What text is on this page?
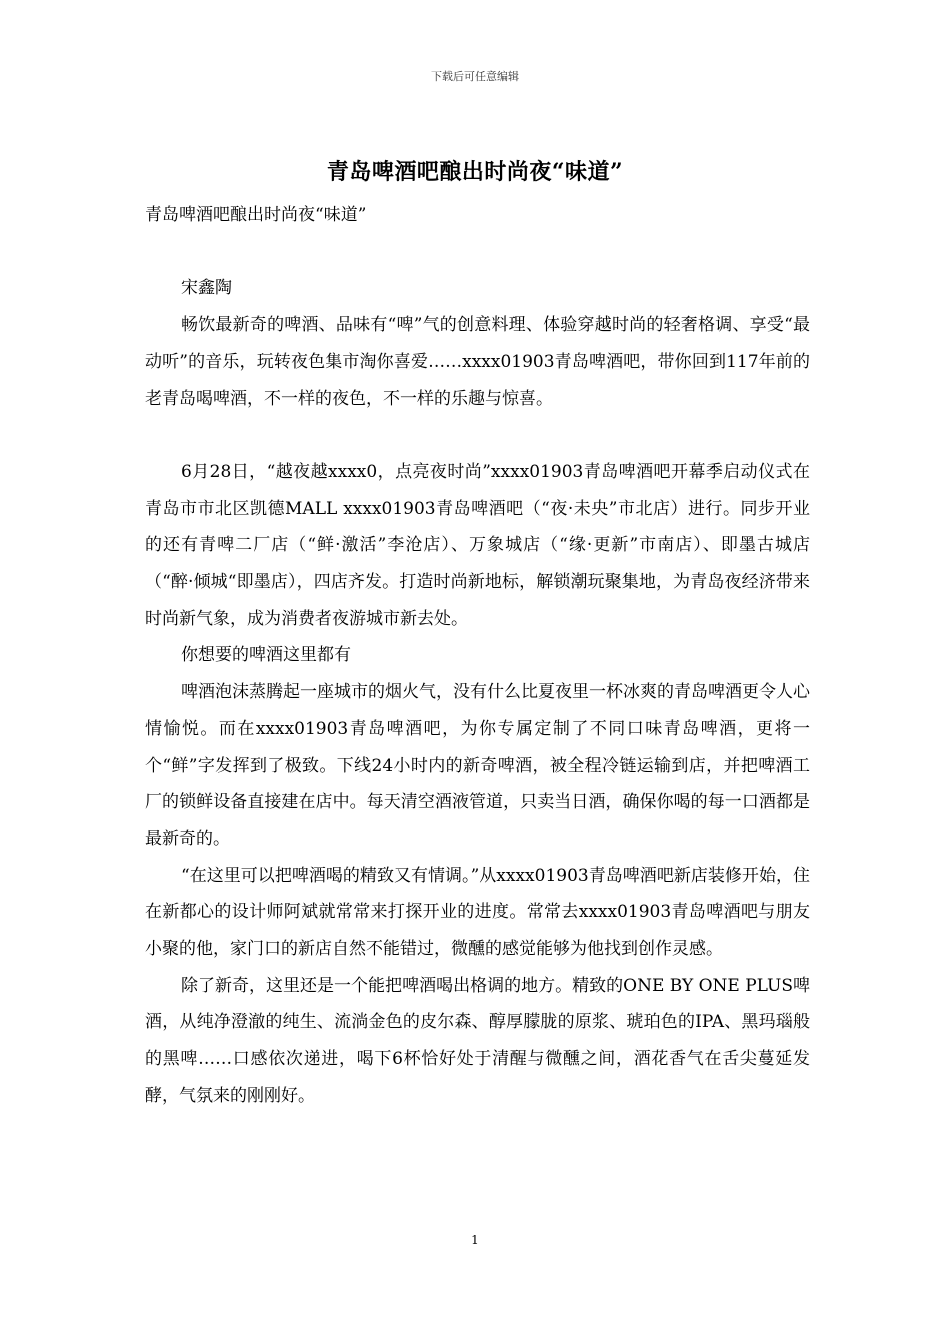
下载后可任意编辑
青岛啤酒吧酿出时尚夜“味道”

青岛啤酒吧酿出时尚夜“味道”

宋鑫陶

畅饮最新奇的啤酒、品味有“啤”气的创意料理、体验穿越时尚的轻奢格调、享受“最动听”的音乐，玩转夜色集市淘你喜爱……xxxx01903青岛啤酒吧，带你回到117年前的老青岛喝啤酒，不一样的夜色，不一样的乐趣与惊喜。

6月28日，“越夜越xxxx0，点亮夜时尚”xxxx01903青岛啤酒吧开幕季启动仪式在青岛市市北区凯德MALL xxxx01903青岛啤酒吧（“夜·未央”市北店）进行。同步开业的还有青啤二厂店（“鲜·激活”李沧店）、万象城店（“缘·更新”市南店）、即墨古城店（“醉·倾城“即墨店），四店齐发。打造时尚新地标，解锁潮玩聚集地，为青岛夜经济带来时尚新气象，成为消费者夜游城市新去处。

你想要的啤酒这里都有

啤酒泡沫蒸腾起一座城市的烟火气，没有什么比夏夜里一杯冰爽的青岛啤酒更令人心情愉悦。而在xxxx01903青岛啤酒吧，为你专属定制了不同口味青岛啤酒，更将一个“鲜”字发挥到了极致。下线24小时内的新奇啤酒，被全程冷链运输到店，并把啤酒工厂的锁鲜设备直接建在店中。每天清空酒液管道，只卖当日酒，确保你喝的每一口酒都是最新奇的。

“在这里可以把啤酒喝的精致又有情调。”从xxxx01903青岛啤酒吧新店装修开始，住在新都心的设计师阿斌就常常来打探开业的进度。常常去xxxx01903青岛啤酒吧与朋友小聚的他，家门口的新店自然不能错过，微醺的感觉能够为他找到创作灵感。

除了新奇，这里还是一个能把啤酒喝出格调的地方。精致的ONE BY ONE PLUS啤酒，从纯净澄澈的纯生、流淌金色的皮尔森、醇厚朦胧的原浆、琥珀色的IPA、黑玛瑙般的黑啤……口感依次递进，喝下6杯恰好处于清醒与微醺之间，酒花香气在舌尖蔓延发酵，气氛来的刚刚好。

1
